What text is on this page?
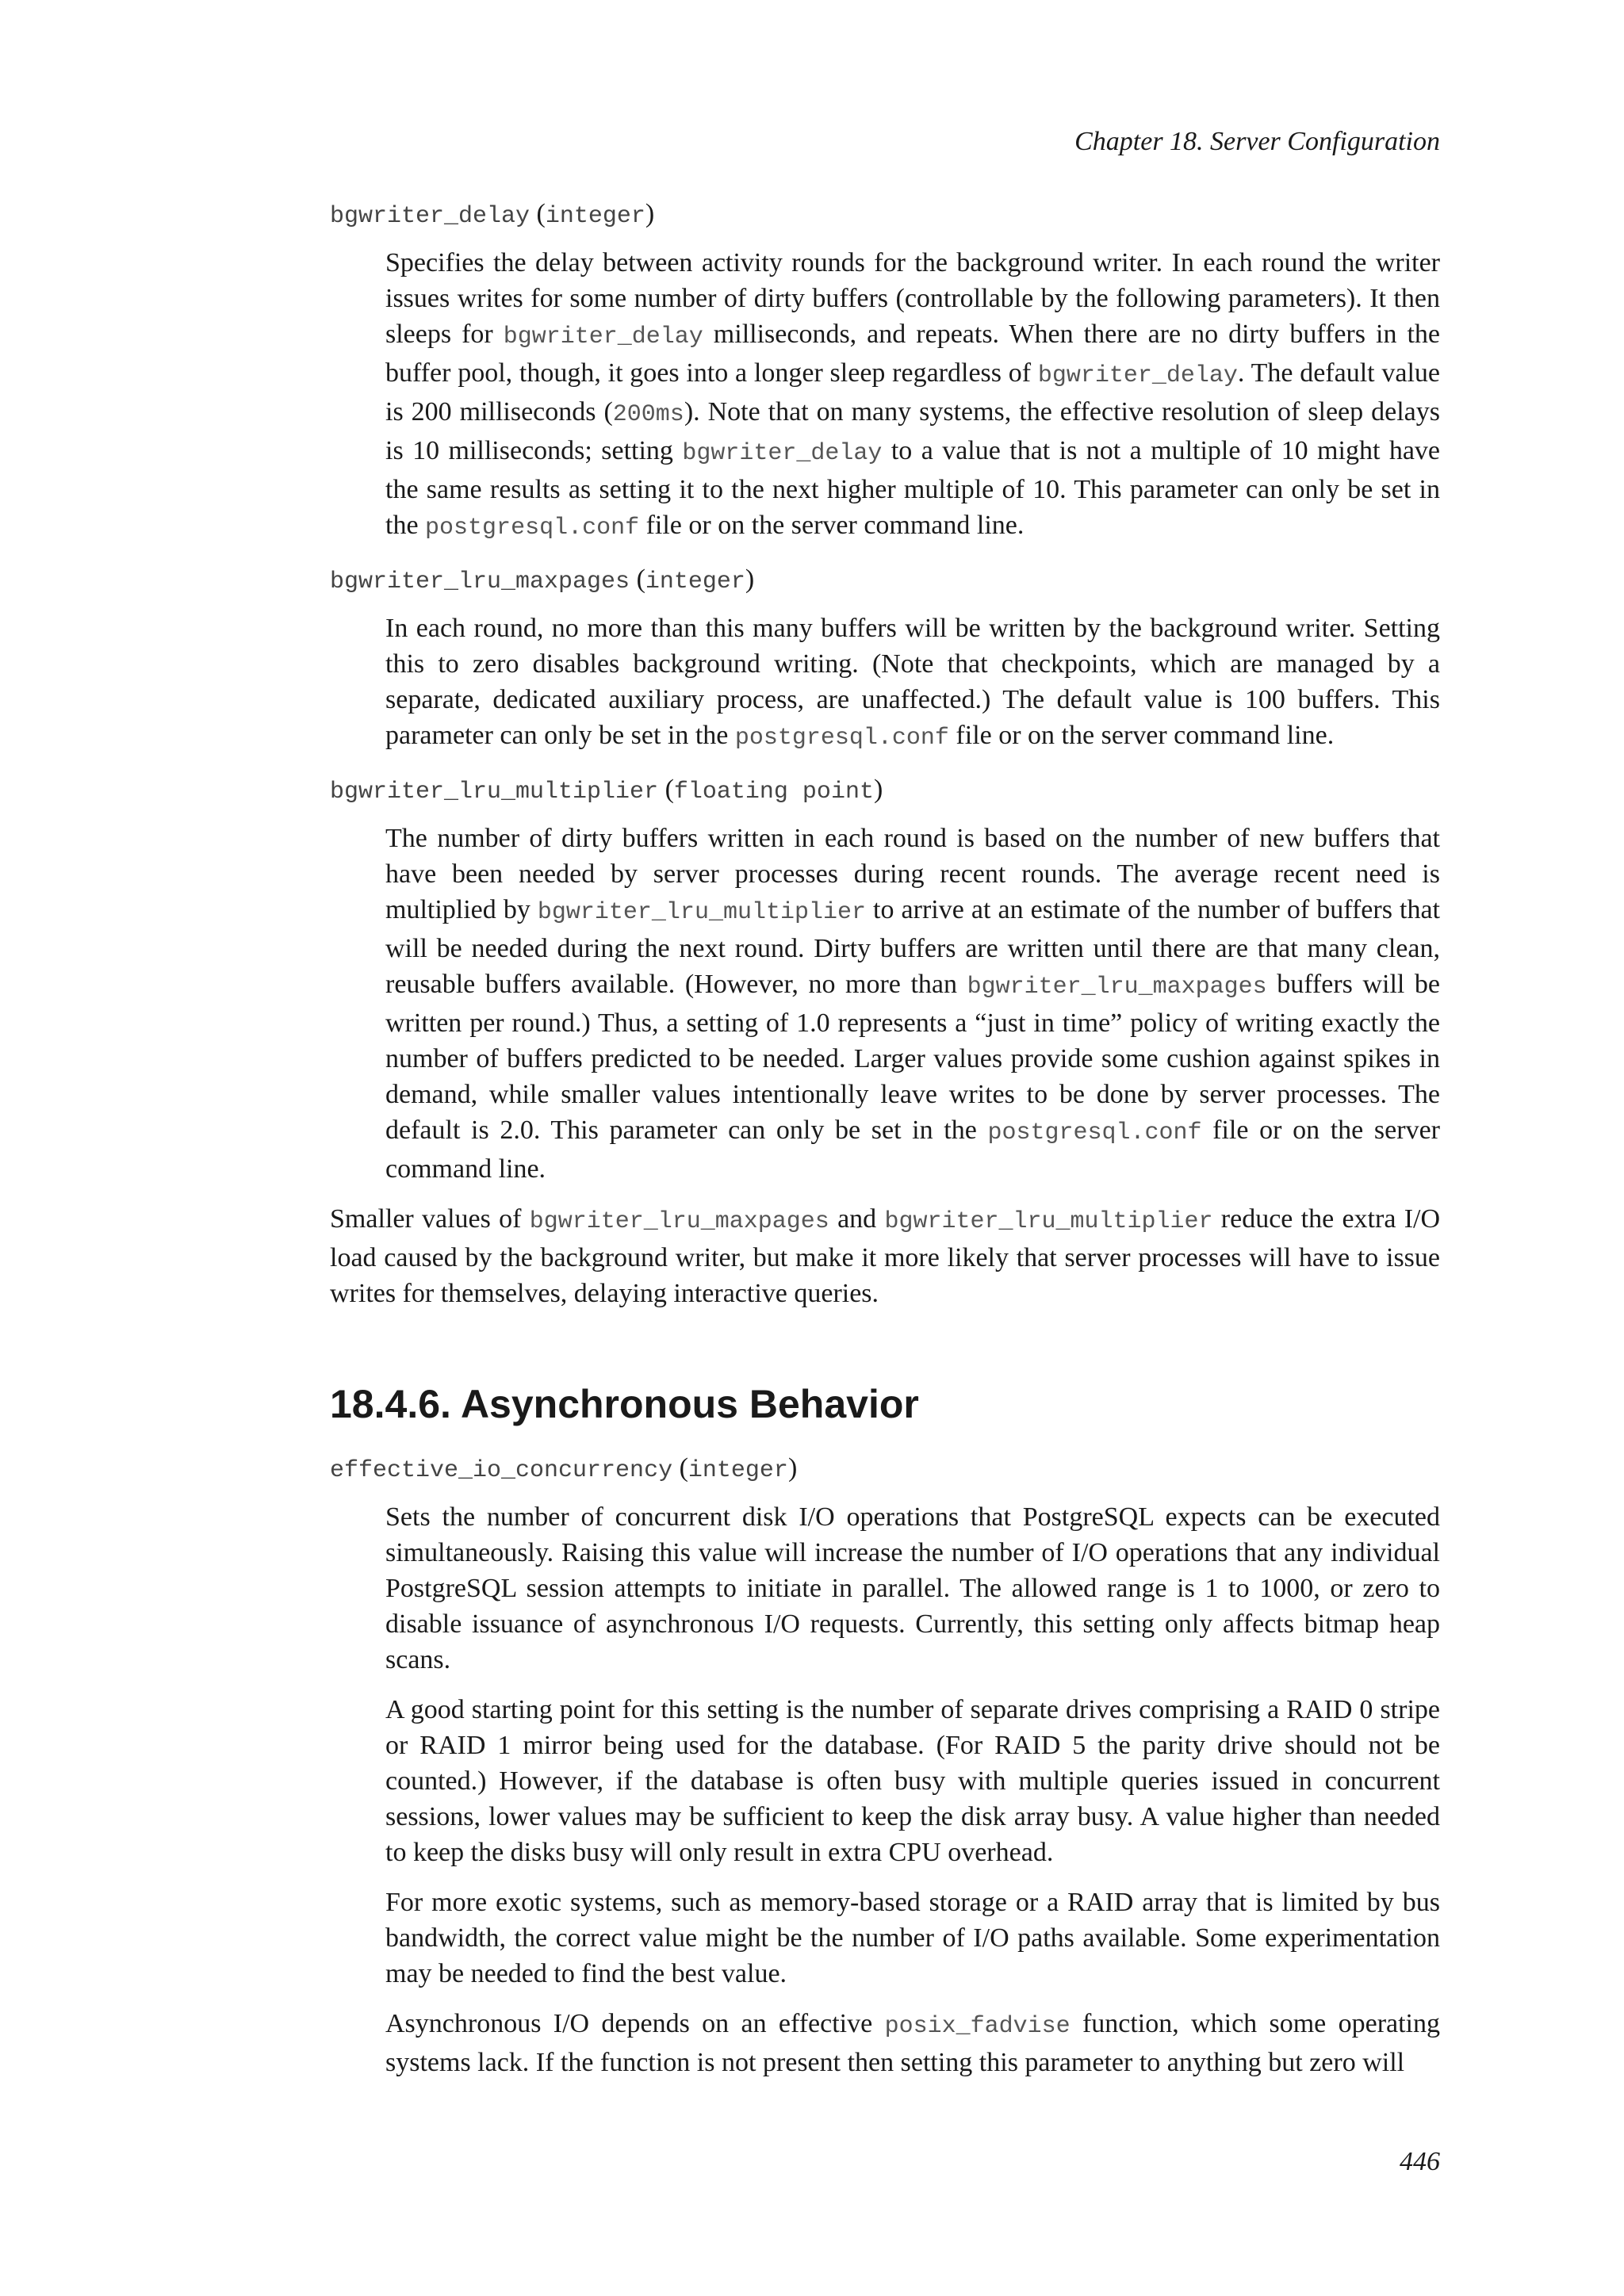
Chapter 18. Server Configuration
bgwriter_delay (integer)

Specifies the delay between activity rounds for the background writer. In each round the writer issues writes for some number of dirty buffers (controllable by the following parameters). It then sleeps for bgwriter_delay milliseconds, and repeats. When there are no dirty buffers in the buffer pool, though, it goes into a longer sleep regardless of bgwriter_delay. The default value is 200 milliseconds (200ms). Note that on many systems, the effective resolution of sleep delays is 10 milliseconds; setting bgwriter_delay to a value that is not a multiple of 10 might have the same results as setting it to the next higher multiple of 10. This parameter can only be set in the postgresql.conf file or on the server command line.

bgwriter_lru_maxpages (integer)

In each round, no more than this many buffers will be written by the background writer. Setting this to zero disables background writing. (Note that checkpoints, which are managed by a separate, dedicated auxiliary process, are unaffected.) The default value is 100 buffers. This parameter can only be set in the postgresql.conf file or on the server command line.

bgwriter_lru_multiplier (floating point)

The number of dirty buffers written in each round is based on the number of new buffers that have been needed by server processes during recent rounds. The average recent need is multiplied by bgwriter_lru_multiplier to arrive at an estimate of the number of buffers that will be needed during the next round. Dirty buffers are written until there are that many clean, reusable buffers available. (However, no more than bgwriter_lru_maxpages buffers will be written per round.) Thus, a setting of 1.0 represents a “just in time” policy of writing exactly the number of buffers predicted to be needed. Larger values provide some cushion against spikes in demand, while smaller values intentionally leave writes to be done by server processes. The default is 2.0. This parameter can only be set in the postgresql.conf file or on the server command line.

Smaller values of bgwriter_lru_maxpages and bgwriter_lru_multiplier reduce the extra I/O load caused by the background writer, but make it more likely that server processes will have to issue writes for themselves, delaying interactive queries.

18.4.6. Asynchronous Behavior
effective_io_concurrency (integer)

Sets the number of concurrent disk I/O operations that PostgreSQL expects can be executed simultaneously. Raising this value will increase the number of I/O operations that any individual PostgreSQL session attempts to initiate in parallel. The allowed range is 1 to 1000, or zero to disable issuance of asynchronous I/O requests. Currently, this setting only affects bitmap heap scans.

A good starting point for this setting is the number of separate drives comprising a RAID 0 stripe or RAID 1 mirror being used for the database. (For RAID 5 the parity drive should not be counted.) However, if the database is often busy with multiple queries issued in concurrent sessions, lower values may be sufficient to keep the disk array busy. A value higher than needed to keep the disks busy will only result in extra CPU overhead.

For more exotic systems, such as memory-based storage or a RAID array that is limited by bus bandwidth, the correct value might be the number of I/O paths available. Some experimentation may be needed to find the best value.

Asynchronous I/O depends on an effective posix_fadvise function, which some operating systems lack. If the function is not present then setting this parameter to anything but zero will

446
